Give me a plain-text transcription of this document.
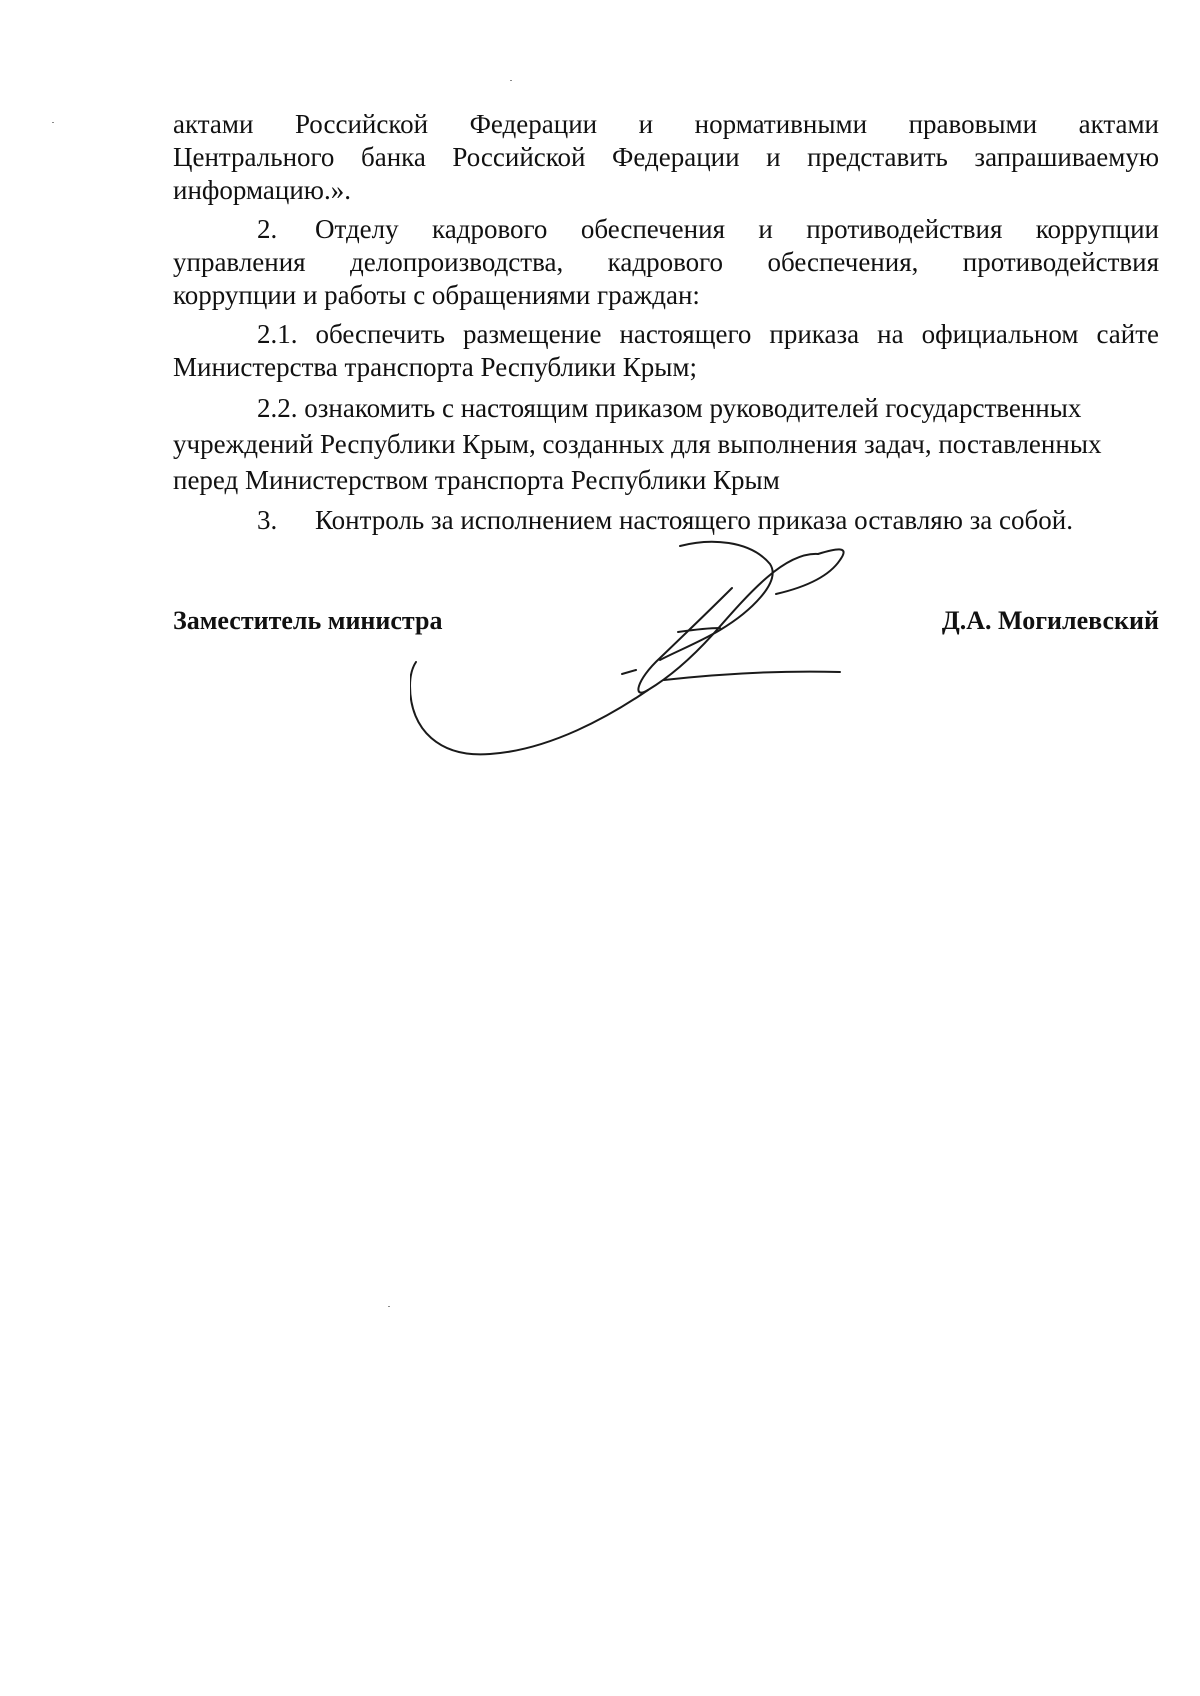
актами Российской Федерации и нормативными правовыми актами

Центрального банка Российской Федерации и представить запрашиваемую

информацию.».

2. Отделу кадрового обеспечения и противодействия коррупции

управления делопроизводства, кадрового обеспечения, противодействия

коррупции и работы с обращениями граждан:

2.1. обеспечить размещение настоящего приказа на официальном сайте

Министерства транспорта Республики Крым;

2.2. ознакомить с настоящим приказом руководителей государственных

учреждений Республики Крым, созданных для выполнения задач, поставленных

перед Министерством транспорта Республики Крым

3. Контроль за исполнением настоящего приказа оставляю за собой.

Заместитель министра	Д.А. Могилевский
